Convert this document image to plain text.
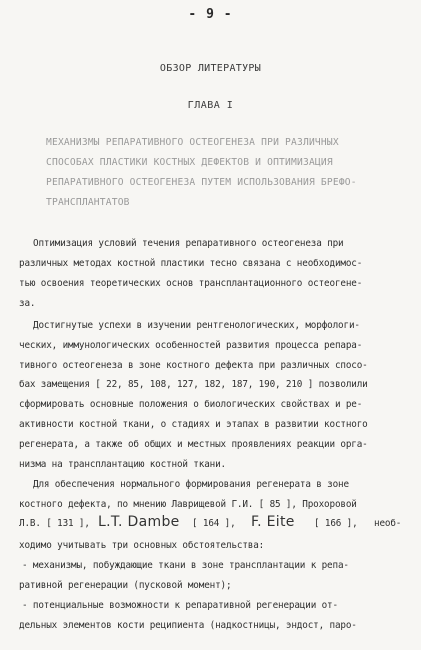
- 9 -
ОБЗОР ЛИТЕРАТУРЫ
ГЛАВА I
МЕХАНИЗМЫ РЕПАРАТИВНОГО ОСТЕОГЕНЕЗА ПРИ РАЗЛИЧНЫХ
СПОСОБАХ ПЛАСТИКИ КОСТНЫХ ДЕФЕКТОВ И ОПТИМИЗАЦИЯ
РЕПАРАТИВНОГО ОСТЕОГЕНЕЗА ПУТЕМ ИСПОЛЬЗОВАНИЯ БРЕФО-
ТРАНСПЛАНТАТОВ
Оптимизация условий течения репаративного остеогенеза при
различных методах костной пластики тесно связана с необходимос-
тью освоения теоретических основ трансплантационного остеогене-
за.
Достигнутые успехи в изучении рентгенологических, морфологи-
ческих, иммунологических особенностей развития процесса репара-
тивного остеогенеза в зоне костного дефекта при различных спосо-
бах замещения [ 22, 85, 108, 127, 182, 187, 190, 210 ] позволили
сформировать основные положения о биологических свойствах и ре-
активности костной ткани, о стадиях и этапах в развитии костного
регенерата, а также об общих и местных проявлениях реакции орга-
низма на трансплантацию костной ткани.
Для обеспечения нормального формирования регенерата в зоне
костного дефекта, по мнению Лаврищевой Г.И. [ 85 ], Прохоровой
Л.В. [ 131 ], L.T. Dambe [ 164 ], F. Eite [ 166 ], необ-
ходимо учитывать три основных обстоятельства:
- механизмы, побуждающие ткани в зоне трансплантации к репа-
ративной регенерации (пусковой момент);
- потенциальные возможности к репаративной регенерации от-
дельных элементов кости реципиента (надкостницы, эндост, паро-
